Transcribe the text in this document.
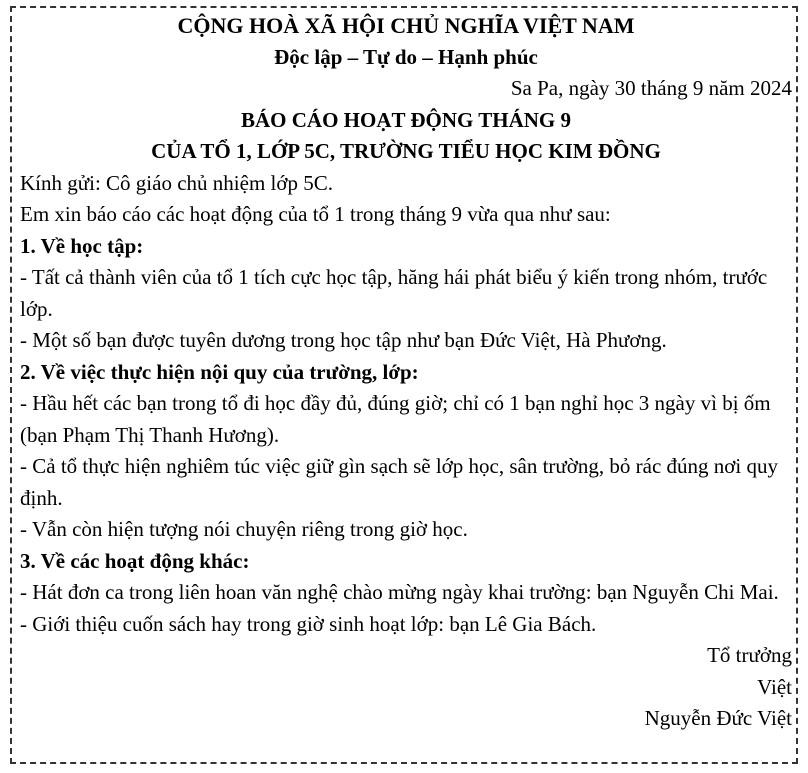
CỘNG HOÀ XÃ HỘI CHỦ NGHĨA VIỆT NAM

Độc lập – Tự do – Hạnh phúc

Sa Pa, ngày 30 tháng 9 năm 2024

BÁO CÁO HOẠT ĐỘNG THÁNG 9

CỦA TỔ 1, LỚP 5C, TRƯỜNG TIỂU HỌC KIM ĐỒNG

Kính gửi: Cô giáo chủ nhiệm lớp 5C.

Em xin báo cáo các hoạt động của tổ 1 trong tháng 9 vừa qua như sau:

1. Về học tập:

- Tất cả thành viên của tổ 1 tích cực học tập, hăng hái phát biểu ý kiến trong nhóm, trước lớp.

- Một số bạn được tuyên dương trong học tập như bạn Đức Việt, Hà Phương.

2. Về việc thực hiện nội quy của trường, lớp:

- Hầu hết các bạn trong tổ đi học đầy đủ, đúng giờ; chỉ có 1 bạn nghỉ học 3 ngày vì bị ốm (bạn Phạm Thị Thanh Hương).

- Cả tổ thực hiện nghiêm túc việc giữ gìn sạch sẽ lớp học, sân trường, bỏ rác đúng nơi quy định.

- Vẫn còn hiện tượng nói chuyện riêng trong giờ học.

3. Về các hoạt động khác:

- Hát đơn ca trong liên hoan văn nghệ chào mừng ngày khai trường: bạn Nguyễn Chi Mai.

- Giới thiệu cuốn sách hay trong giờ sinh hoạt lớp: bạn Lê Gia Bách.

Tổ trưởng

Việt

Nguyễn Đức Việt
